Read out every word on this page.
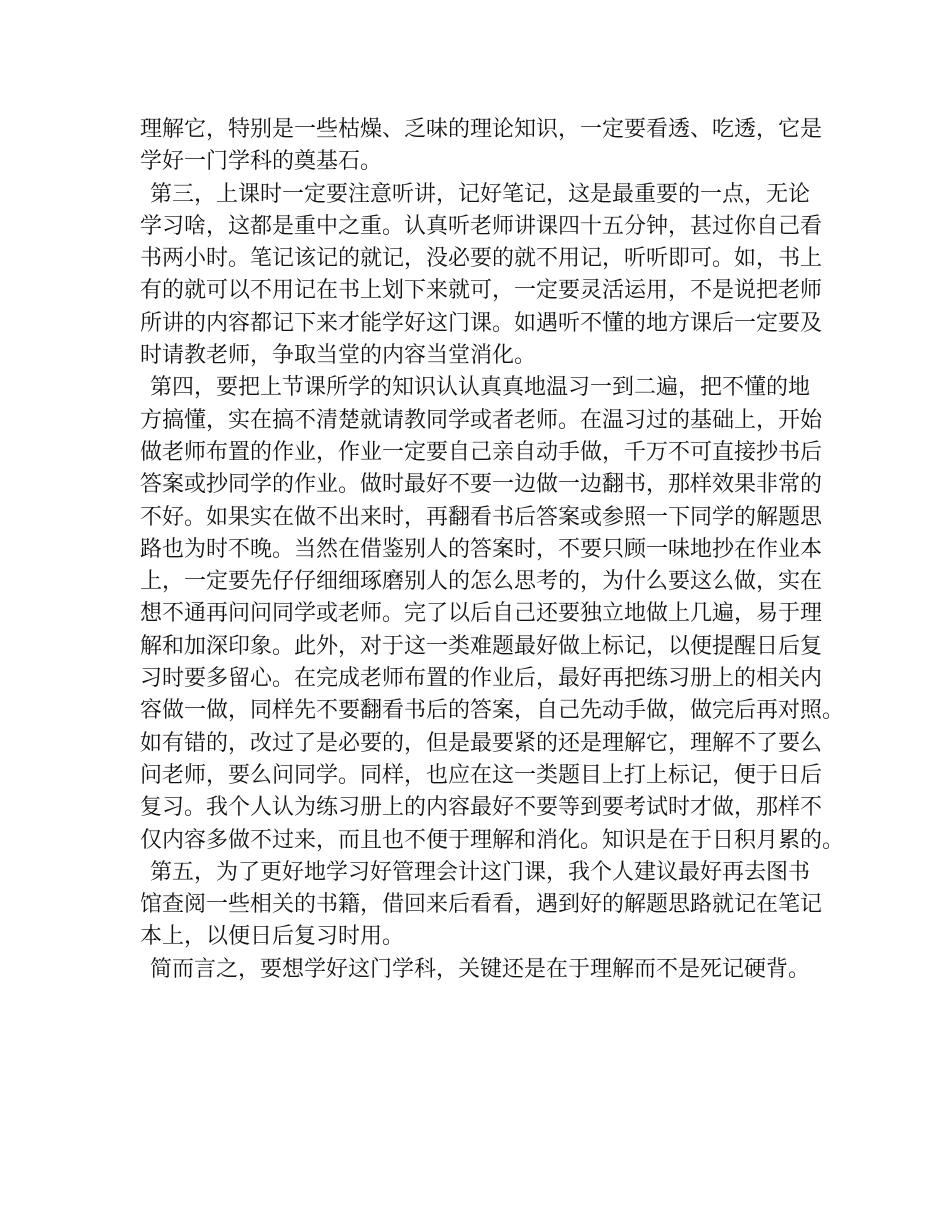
理解它，特别是一些枯燥、乏味的理论知识，一定要看透、吃透，它是
学好一门学科的奠基石。
第三，上课时一定要注意听讲，记好笔记，这是最重要的一点，无论
学习啥，这都是重中之重。认真听老师讲课四十五分钟，甚过你自己看
书两小时。笔记该记的就记，没必要的就不用记，听听即可。如，书上
有的就可以不用记在书上划下来就可，一定要灵活运用，不是说把老师
所讲的内容都记下来才能学好这门课。如遇听不懂的地方课后一定要及
时请教老师，争取当堂的内容当堂消化。
第四，要把上节课所学的知识认认真真地温习一到二遍，把不懂的地
方搞懂，实在搞不清楚就请教同学或者老师。在温习过的基础上，开始
做老师布置的作业，作业一定要自己亲自动手做，千万不可直接抄书后
答案或抄同学的作业。做时最好不要一边做一边翻书，那样效果非常的
不好。如果实在做不出来时，再翻看书后答案或参照一下同学的解题思
路也为时不晚。当然在借鉴别人的答案时，不要只顾一味地抄在作业本
上，一定要先仔仔细细琢磨别人的怎么思考的，为什么要这么做，实在
想不通再问问同学或老师。完了以后自己还要独立地做上几遍，易于理
解和加深印象。此外，对于这一类难题最好做上标记，以便提醒日后复
习时要多留心。在完成老师布置的作业后，最好再把练习册上的相关内
容做一做，同样先不要翻看书后的答案，自己先动手做，做完后再对照。
如有错的，改过了是必要的，但是最要紧的还是理解它，理解不了要么
问老师，要么问同学。同样，也应在这一类题目上打上标记，便于日后
复习。我个人认为练习册上的内容最好不要等到要考试时才做，那样不
仅内容多做不过来，而且也不便于理解和消化。知识是在于日积月累的。
第五，为了更好地学习好管理会计这门课，我个人建议最好再去图书
馆查阅一些相关的书籍，借回来后看看，遇到好的解题思路就记在笔记
本上，以便日后复习时用。
简而言之，要想学好这门学科，关键还是在于理解而不是死记硬背。
